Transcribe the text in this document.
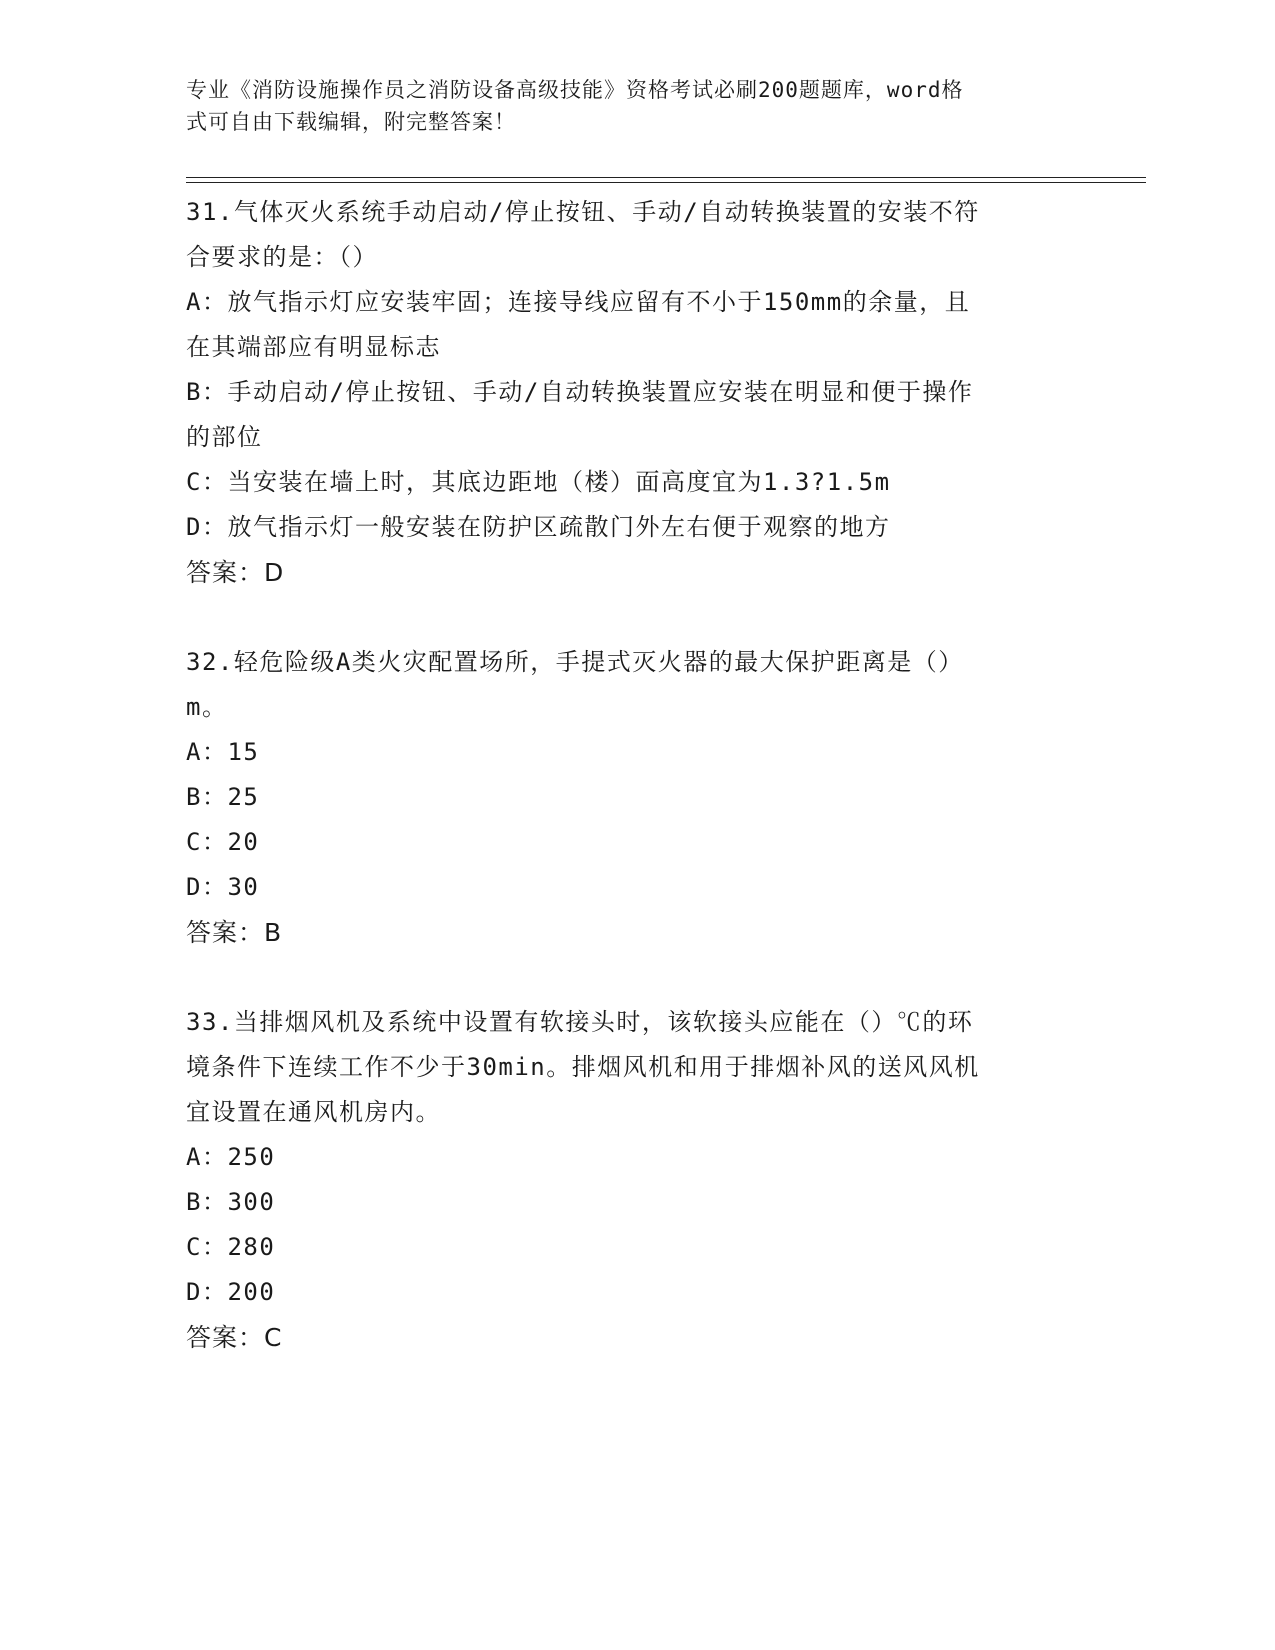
专业《消防设施操作员之消防设备高级技能》资格考试必刷200题题库，word格
式可自由下载编辑，附完整答案！
31.气体灭火系统手动启动/停止按钮、手动/自动转换装置的安装不符
合要求的是：（）
A：放气指示灯应安装牢固；连接导线应留有不小于150mm的余量，且
在其端部应有明显标志
B：手动启动/停止按钮、手动/自动转换装置应安装在明显和便于操作
的部位
C：当安装在墙上时，其底边距地（楼）面高度宜为1.3?1.5m
D：放气指示灯一般安装在防护区疏散门外左右便于观察的地方
答案：D
32.轻危险级A类火灾配置场所，手提式灭火器的最大保护距离是（）
m。
A：15
B：25
C：20
D：30
答案：B
33.当排烟风机及系统中设置有软接头时，该软接头应能在（）℃的环
境条件下连续工作不少于30min。排烟风机和用于排烟补风的送风风机
宜设置在通风机房内。
A：250
B：300
C：280
D：200
答案：C
